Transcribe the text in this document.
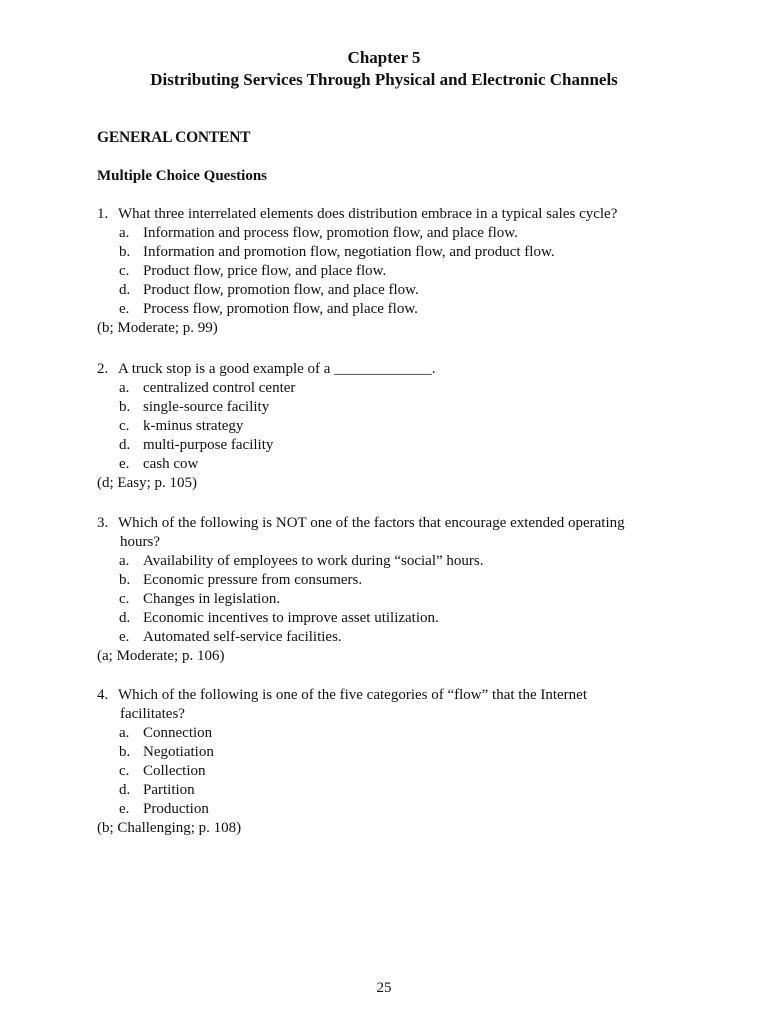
Chapter 5
Distributing Services Through Physical and Electronic Channels
GENERAL CONTENT
Multiple Choice Questions
1. What three interrelated elements does distribution embrace in a typical sales cycle?
a. Information and process flow, promotion flow, and place flow.
b. Information and promotion flow, negotiation flow, and product flow.
c. Product flow, price flow, and place flow.
d. Product flow, promotion flow, and place flow.
e. Process flow, promotion flow, and place flow.
(b; Moderate; p. 99)
2. A truck stop is a good example of a _____________.
a. centralized control center
b. single-source facility
c. k-minus strategy
d. multi-purpose facility
e. cash cow
(d; Easy; p. 105)
3. Which of the following is NOT one of the factors that encourage extended operating
hours?
a. Availability of employees to work during “social” hours.
b. Economic pressure from consumers.
c. Changes in legislation.
d. Economic incentives to improve asset utilization.
e. Automated self-service facilities.
(a; Moderate; p. 106)
4. Which of the following is one of the five categories of “flow” that the Internet
facilitates?
a. Connection
b. Negotiation
c. Collection
d. Partition
e. Production
(b; Challenging; p. 108)
25
